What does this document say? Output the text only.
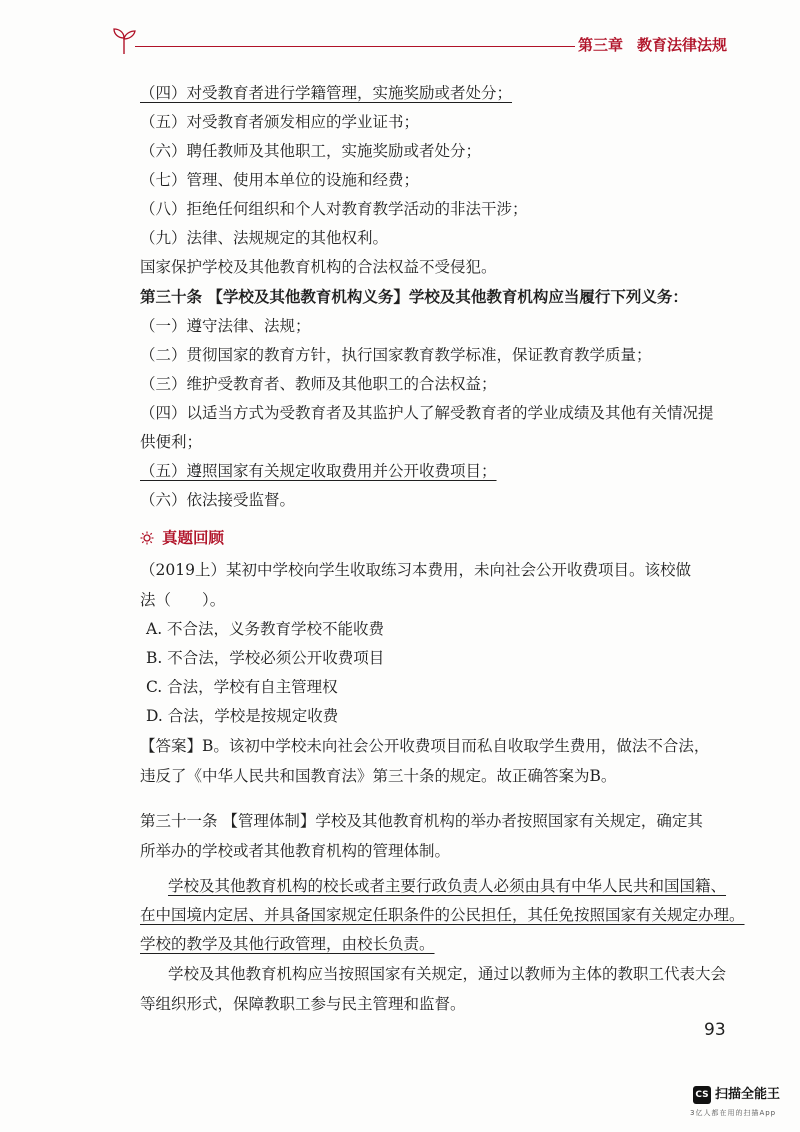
第三章 教育法律法规
（四）对受教育者进行学籍管理，实施奖励或者处分；
（五）对受教育者颁发相应的学业证书；
（六）聘任教师及其他职工，实施奖励或者处分；
（七）管理、使用本单位的设施和经费；
（八）拒绝任何组织和个人对教育教学活动的非法干涉；
（九）法律、法规规定的其他权利。
国家保护学校及其他教育机构的合法权益不受侵犯。
第三十条 【学校及其他教育机构义务】学校及其他教育机构应当履行下列义务：
（一）遵守法律、法规；
（二）贯彻国家的教育方针，执行国家教育教学标准，保证教育教学质量；
（三）维护受教育者、教师及其他职工的合法权益；
（四）以适当方式为受教育者及其监护人了解受教育者的学业成绩及其他有关情况提
供便利；
（五）遵照国家有关规定收取费用并公开收费项目；
（六）依法接受监督。
真题回顾
（2019上）某初中学校向学生收取练习本费用，未向社会公开收费项目。该校做
法（　　）。
A. 不合法，义务教育学校不能收费
B. 不合法，学校必须公开收费项目
C. 合法，学校有自主管理权
D. 合法，学校是按规定收费
【答案】B。该初中学校未向社会公开收费项目而私自收取学生费用，做法不合法，
违反了《中华人民共和国教育法》第三十条的规定。故正确答案为B。
第三十一条 【管理体制】学校及其他教育机构的举办者按照国家有关规定，确定其
所举办的学校或者其他教育机构的管理体制。
学校及其他教育机构的校长或者主要行政负责人必须由具有中华人民共和国国籍、
在中国境内定居、并具备国家规定任职条件的公民担任，其任免按照国家有关规定办理。
学校的教学及其他行政管理，由校长负责。
学校及其他教育机构应当按照国家有关规定，通过以教师为主体的教职工代表大会
等组织形式，保障教职工参与民主管理和监督。
93
CS 扫描全能王
3亿人都在用的扫描App
